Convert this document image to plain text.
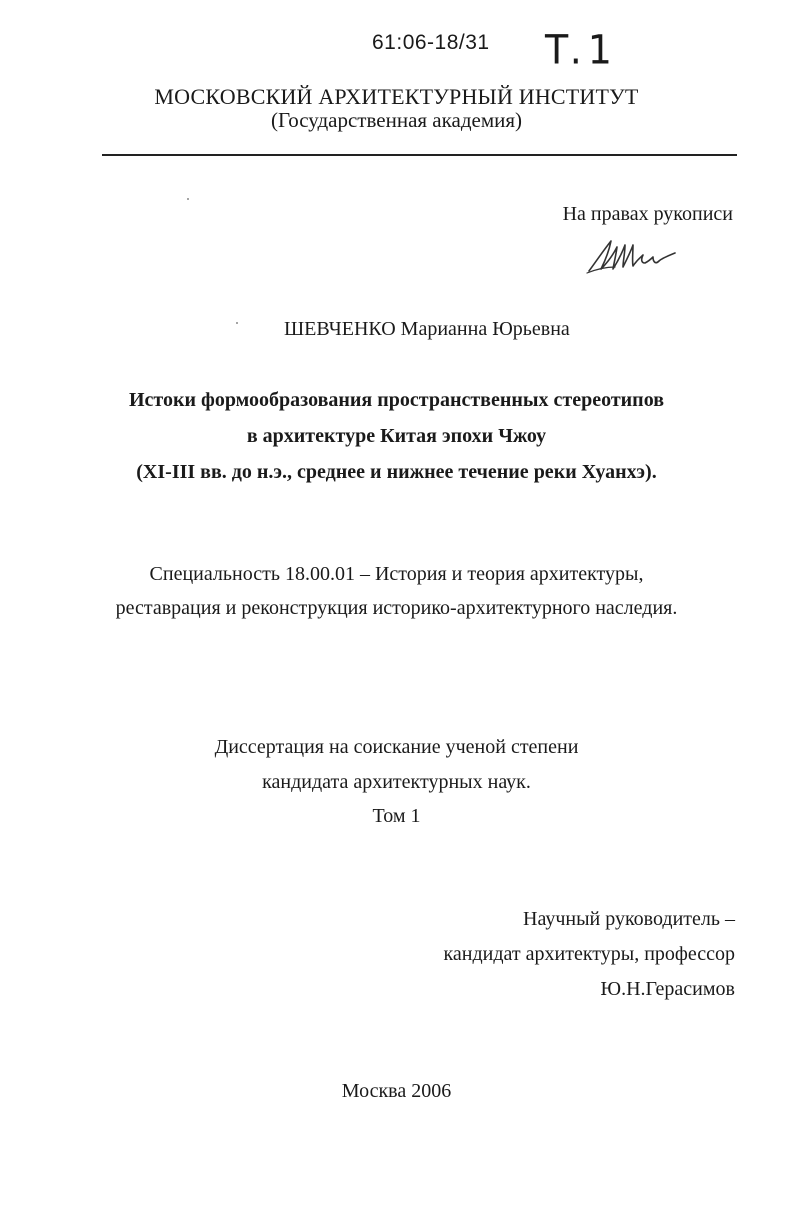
61:06-18/31 T.1
МОСКОВСКИЙ АРХИТЕКТУРНЫЙ ИНСТИТУТ
(Государственная академия)
На правах рукописи
ШЕВЧЕНКО Марианна Юрьевна
Истоки формообразования пространственных стереотипов
в архитектуре Китая эпохи Чжоу
(XI-III вв. до н.э., среднее и нижнее течение реки Хуанхэ).
Специальность 18.00.01 – История и теория архитектуры,
реставрация и реконструкция историко-архитектурного наследия.
Диссертация на соискание ученой степени
кандидата архитектурных наук.
Том 1
Научный руководитель –
кандидат архитектуры, профессор
Ю.Н.Герасимов
Москва 2006
